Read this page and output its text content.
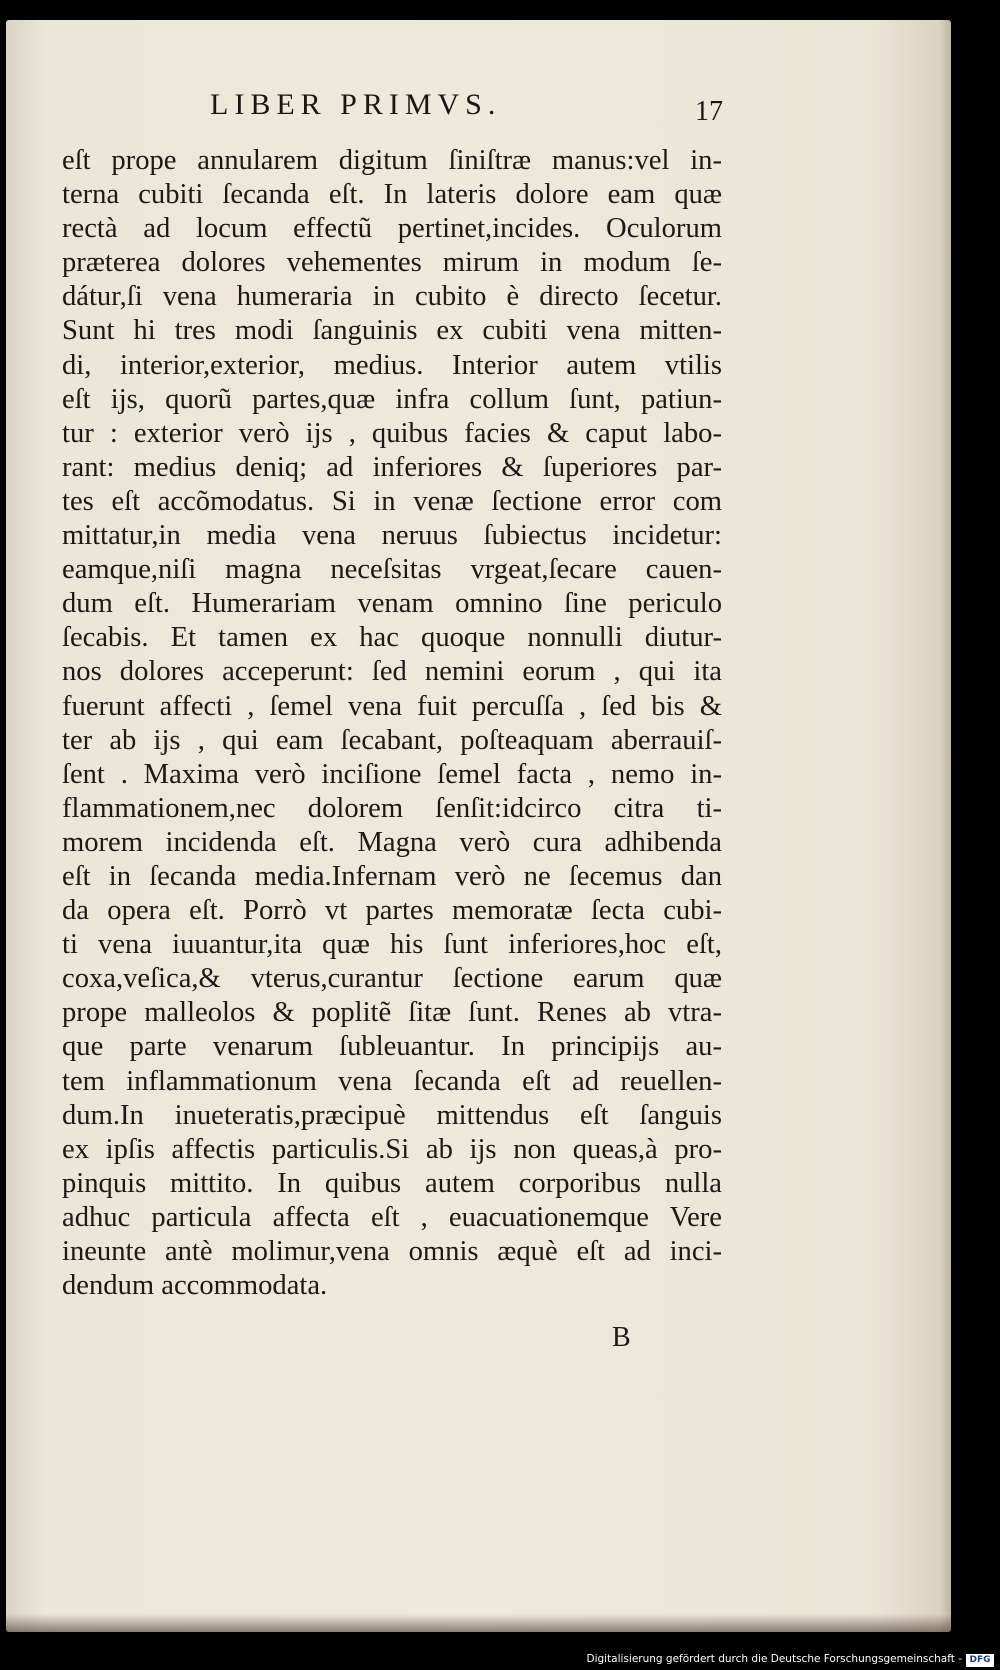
LIBER PRIMVS.	17
eſt prope annularem digitum ſiniſtræ manus:vel in-
terna cubiti ſecanda eſt. In lateris dolore eam quæ
rectà ad locum effectũ pertinet,incides. Oculorum
prætereа dolores vehementes mirum in modum ſe-
dátur,ſi vena humeraria in cubito è directo ſecetur.
Sunt hi tres modi ſanguinis ex cubiti vena mitten-
di, interior,exterior, medius. Interior autem vtilis
eſt ijs, quorũ partes,quæ infra collum ſunt, patiun-
tur : exterior verò ijs , quibus facies & caput labo-
rant: medius deniq; ad inferiores & ſuperiores par-
tes eſt accõmodatus. Si in venæ ſectione error com
mittatur,in media vena neruus ſubiectus incidetur:
eamque,niſi magna neceſsitas vrgeat,ſecare cauen-
dum eſt. Humerariam venam omnino ſine periculo
ſecabis. Et tamen ex hac quoque nonnulli diutur-
nos dolores acceperunt: ſed nemini eorum , qui ita
fuerunt affecti , ſemel vena fuit percuſſa , ſed bis &
ter ab ijs , qui eam ſecabant, poſteaquam aberrauiſ-
ſent . Maxima verò inciſione ſemel facta , nemo in-
flammationem,nec dolorem ſenſit:idcirco citra ti-
morem incidenda eſt. Magna verò cura adhibenda
eſt in ſecanda media.Infernam verò ne ſecemus dan
da opera eſt. Porrò vt partes memoratæ ſecta cubi-
ti vena iuuantur,ita quæ his ſunt inferiores,hoc eſt,
coxa,veſica,& vterus,curantur ſectione earum quæ
prope malleolos & poplitẽ ſitæ ſunt. Renes ab vtra-
que parte venarum ſubleuantur. In principijs au-
tem inflammationum vena ſecanda eſt ad reuellen-
dum.In inueteratis,præcipuè mittendus eſt ſanguis
ex ipſis affectis particulis.Si ab ijs non queas,à pro-
pinquis mittito. In quibus autem corporibus nulla
adhuc particula affecta eſt , euacuationemque Vere
ineunte antè molimur,vena omnis æquè eſt ad inci-
dendum accommodata.
B
Digitalisierung gefördert durch die Deutsche Forschungsgemeinschaft - DFG
